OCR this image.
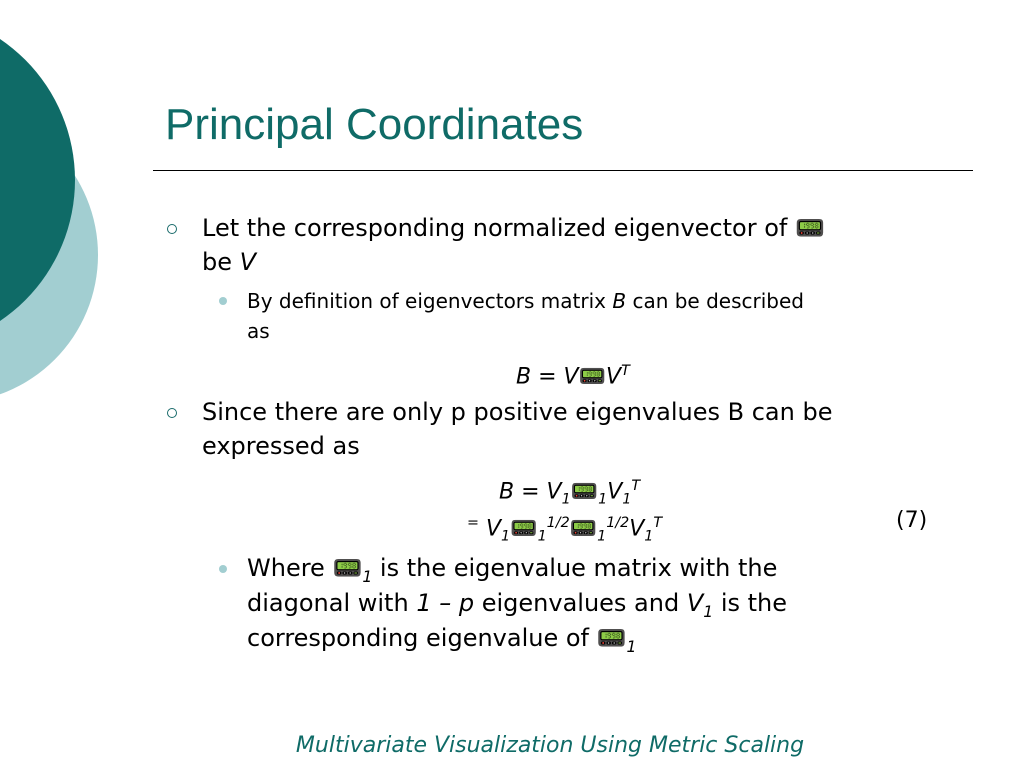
Principal Coordinates
Let the corresponding normalized eigenvector of 📟
be V
By definition of eigenvectors matrix B can be described
as
$B = V📟V^T$
Since there are only p positive eigenvalues B can be
expressed as
$B = V_1📟_1V_1^T$
= $V_1📟_1^{1/2}📟_1^{1/2}V_1^T$	(7)
Where $📟_1$ is the eigenvalue matrix with the
diagonal with 1 – p eigenvalues and $V_1$ is the
corresponding eigenvalue of $📟_1$
Multivariate Visualization Using Metric Scaling
